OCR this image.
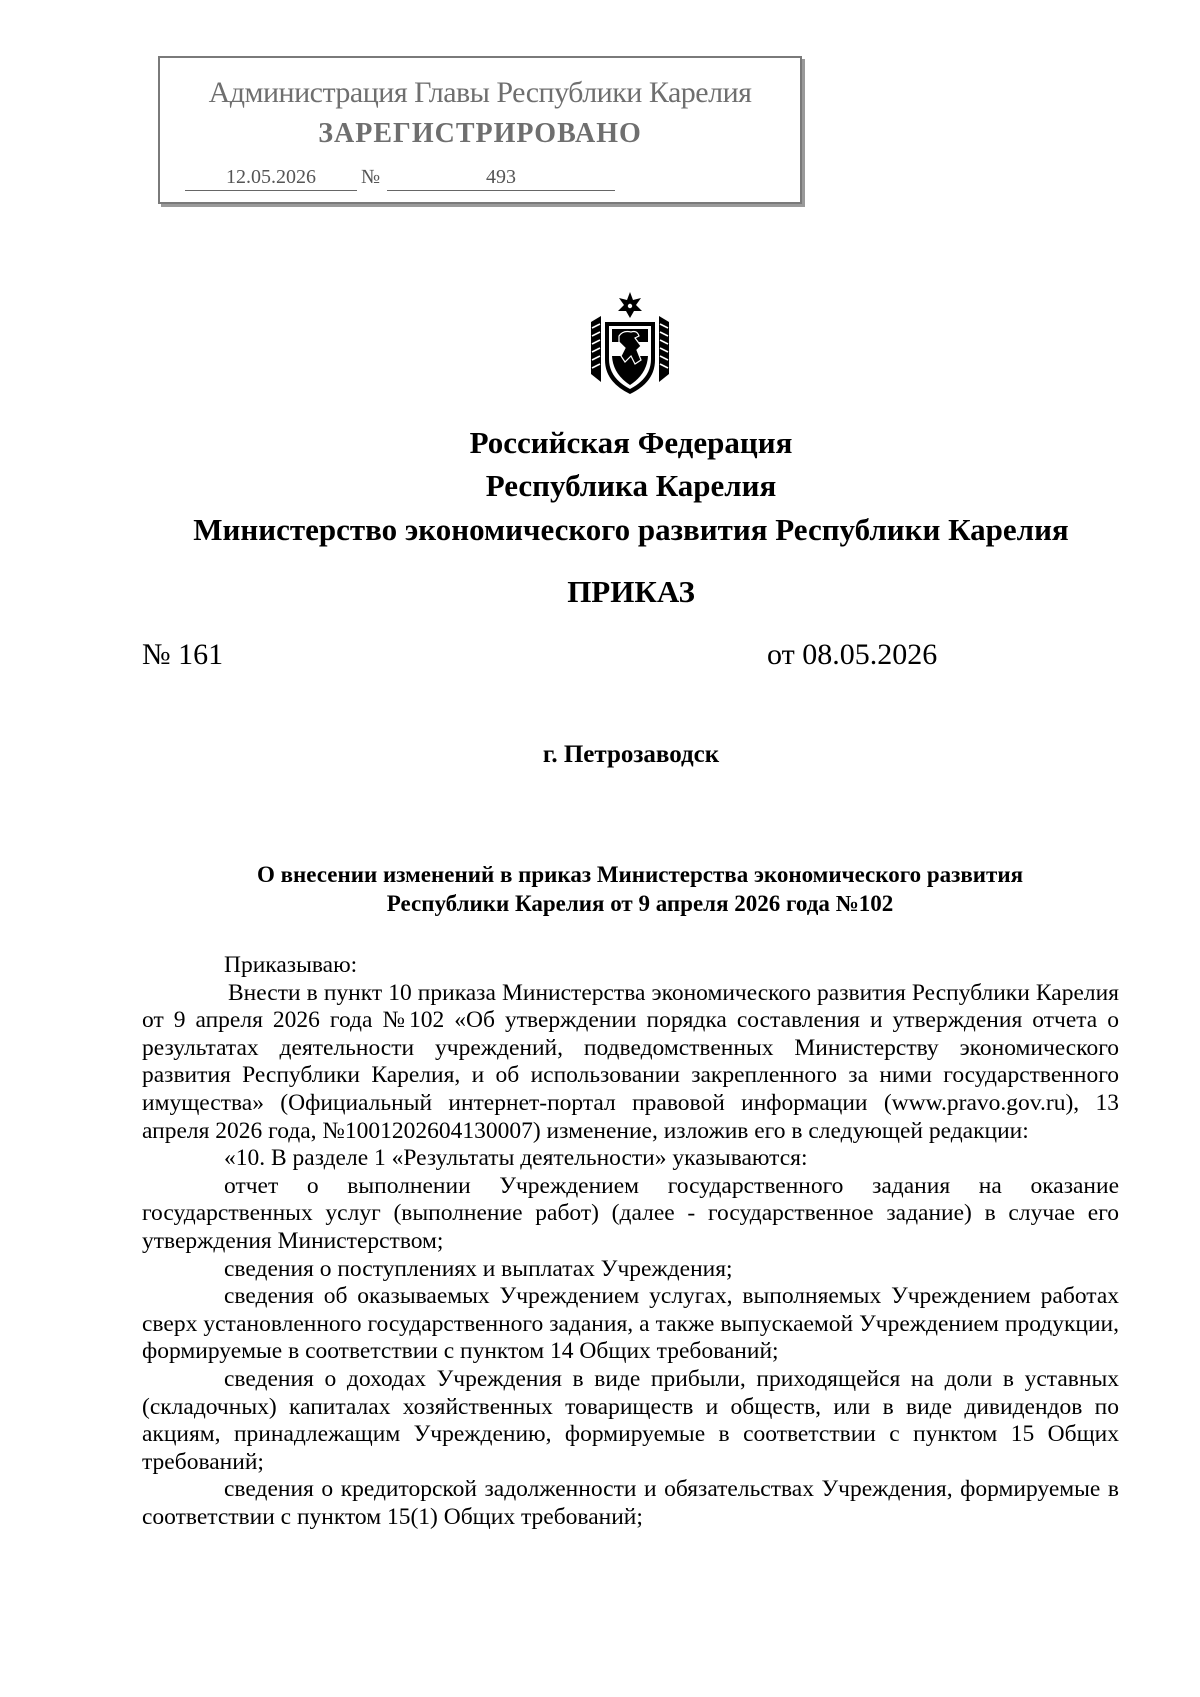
Администрация Главы Республики Карелия
ЗАРЕГИСТРИРОВАНО
12.05.2026	№	493
Российская Федерация
Республика Карелия
Министерство экономического развития Республики Карелия
ПРИКАЗ
№ 161	от 08.05.2026
г. Петрозаводск
О внесении изменений в приказ Министерства экономического развития
Республики Карелия от 9 апреля 2026 года №102

Приказываю:

Внести в пункт 10 приказа Министерства экономического развития Республики Карелия от 9 апреля 2026 года №102 «Об утверждении порядка составления и утверждения отчета о результатах деятельности учреждений, подведомственных Министерству экономического развития Республики Карелия, и об использовании закрепленного за ними государственного имущества» (Официальный интернет-портал правовой информации (www.pravo.gov.ru), 13 апреля 2026 года, №1001202604130007) изменение, изложив его в следующей редакции:

«10. В разделе 1 «Результаты деятельности» указываются:

отчет о выполнении Учреждением государственного задания на оказание государственных услуг (выполнение работ) (далее - государственное задание) в случае его утверждения Министерством;

сведения о поступлениях и выплатах Учреждения;

сведения об оказываемых Учреждением услугах, выполняемых Учреждением работах сверх установленного государственного задания, а также выпускаемой Учреждением продукции, формируемые в соответствии с пунктом 14 Общих требований;

сведения о доходах Учреждения в виде прибыли, приходящейся на доли в уставных (складочных) капиталах хозяйственных товариществ и обществ, или в виде дивидендов по акциям, принадлежащим Учреждению, формируемые в соответствии с пунктом 15 Общих требований;

сведения о кредиторской задолженности и обязательствах Учреждения, формируемые в соответствии с пунктом 15(1) Общих требований;
